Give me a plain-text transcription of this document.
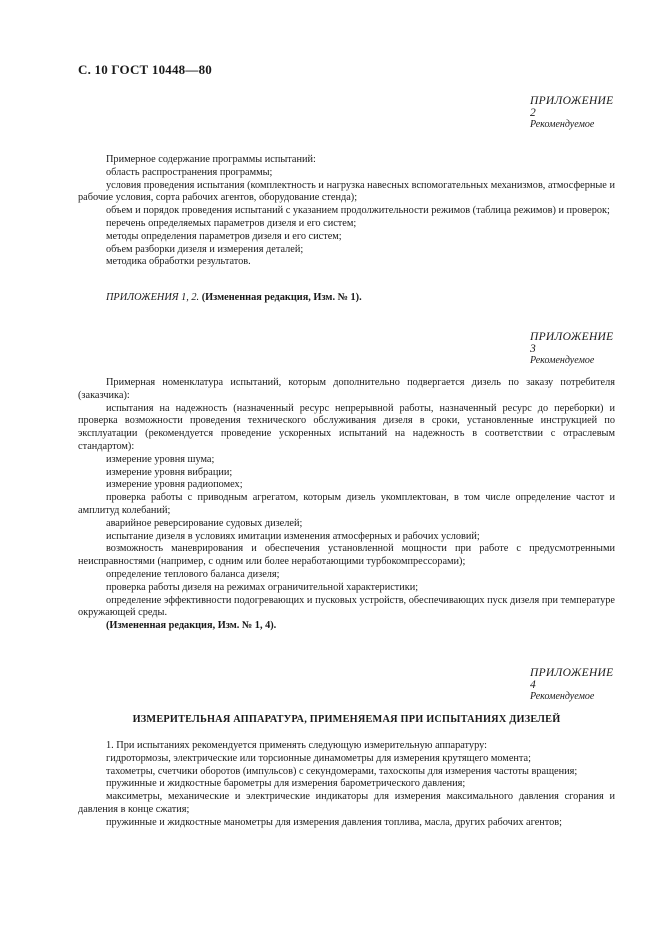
С. 10 ГОСТ 10448—80
ПРИЛОЖЕНИЕ 2
Рекомендуемое

Примерное содержание программы испытаний:

область распространения программы;

условия проведения испытания (комплектность и нагрузка навесных вспомогательных механизмов, атмосферные и рабочие условия, сорта рабочих агентов, оборудование стенда);

объем и порядок проведения испытаний с указанием продолжительности режимов (таблица режимов) и проверок;

перечень определяемых параметров дизеля и его систем;

методы определения параметров дизеля и его систем;

объем разборки дизеля и измерения деталей;

методика обработки результатов.

ПРИЛОЖЕНИЯ 1, 2. (Измененная редакция, Изм. № 1).
ПРИЛОЖЕНИЕ 3
Рекомендуемое

Примерная номенклатура испытаний, которым дополнительно подвергается дизель по заказу потребителя (заказчика):

испытания на надежность (назначенный ресурс непрерывной работы, назначенный ресурс до переборки) и проверка возможности проведения технического обслуживания дизеля в сроки, установленные инструкцией по эксплуатации (рекомендуется проведение ускоренных испытаний на надежность в соответствии с отраслевым стандартом):

измерение уровня шума;

измерение уровня вибрации;

измерение уровня радиопомех;

проверка работы с приводным агрегатом, которым дизель укомплектован, в том числе определение частот и амплитуд колебаний;

аварийное реверсирование судовых дизелей;

испытание дизеля в условиях имитации изменения атмосферных и рабочих условий;

возможность маневрирования и обеспечения установленной мощности при работе с предусмотренными неисправностями (например, с одним или более неработающими турбокомпрессорами);

определение теплового баланса дизеля;

проверка работы дизеля на режимах ограничительной характеристики;

определение эффективности подогревающих и пусковых устройств, обеспечивающих пуск дизеля при температуре окружающей среды.

(Измененная редакция, Изм. № 1, 4).

ПРИЛОЖЕНИЕ 4
Рекомендуемое
ИЗМЕРИТЕЛЬНАЯ АППАРАТУРА, ПРИМЕНЯЕМАЯ ПРИ ИСПЫТАНИЯХ ДИЗЕЛЕЙ

1. При испытаниях рекомендуется применять следующую измерительную аппаратуру:

гидротормозы, электрические или торсионные динамометры для измерения крутящего момента;

тахометры, счетчики оборотов (импульсов) с секундомерами, тахоскопы для измерения частоты вращения;

пружинные и жидкостные барометры для измерения барометрического давления;

максиметры, механические и электрические индикаторы для измерения максимального давления сгорания и давления в конце сжатия;

пружинные и жидкостные манометры для измерения давления топлива, масла, других рабочих агентов;
